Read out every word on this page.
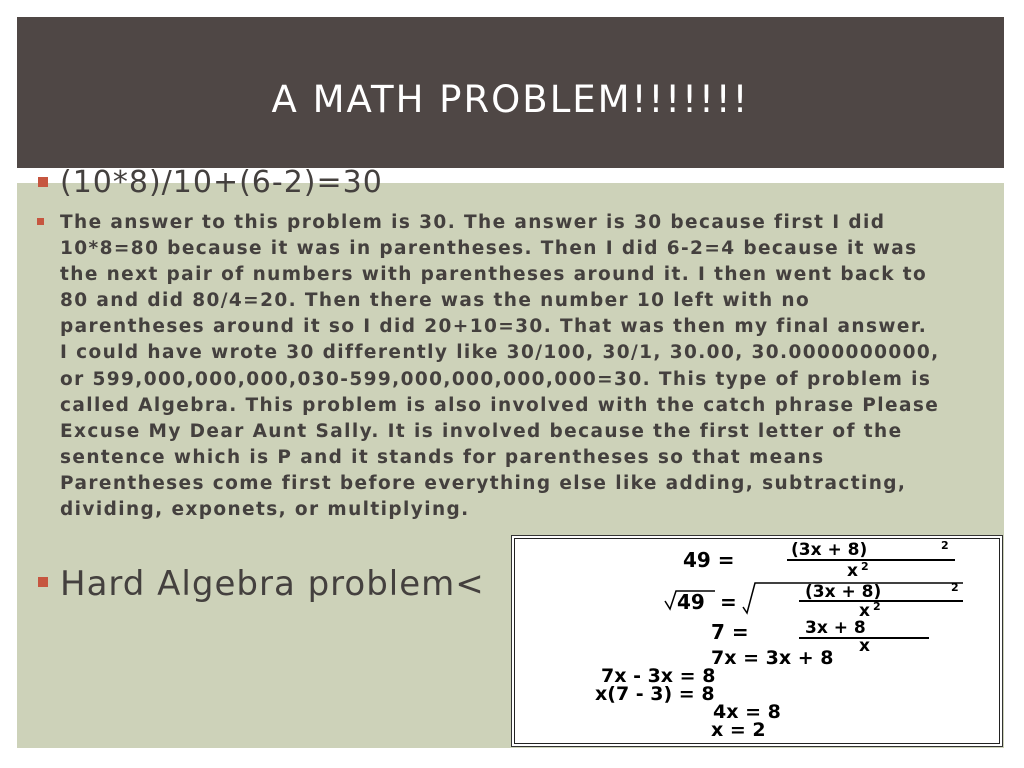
A MATH PROBLEM!!!!!!!
(10*8)/10+(6-2)=30

The answer to this problem is 30. The answer is 30 because first I did 10*8=80 because it was in parentheses. Then I did 6-2=4 because it was the next pair of numbers with parentheses around it. I then went back to 80 and did 80/4=20. Then there was the number 10 left with no parentheses around it so I did 20+10=30. That was then my final answer. I could have wrote 30 differently like 30/100, 30/1, 30.00, 30.0000000000, or 599,000,000,000,030-599,000,000,000,000=30. This type of problem is called Algebra. This problem is also involved with the catch phrase Please Excuse My Dear Aunt Sally. It is involved because the first letter of the sentence which is P and it stands for parentheses so that means Parentheses come first before everything else like adding, subtracting, dividing, exponets, or multiplying.

Hard Algebra problem<
49 =	(3x + 8)	2
x 2
49 =	(3x + 8)	2
x 2
7 =	3x + 8
x
7x = 3x + 8
7x - 3x = 8
x(7 - 3) = 8
4x = 8
x = 2
